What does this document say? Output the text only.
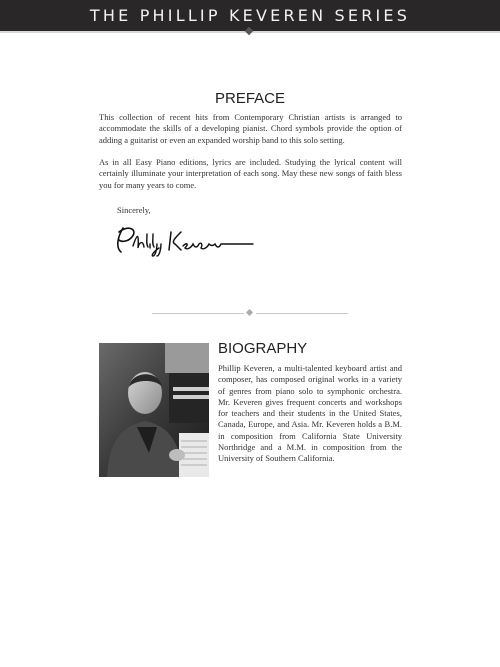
THE PHILLIP KEVEREN SERIES
PREFACE

This collection of recent hits from Contemporary Christian artists is arranged to accommodate the skills of a developing pianist. Chord symbols provide the option of adding a guitarist or even an expanded worship band to this solo setting.

As in all Easy Piano editions, lyrics are included. Studying the lyrical content will certainly illuminate your interpretation of each song. May these new songs of faith bless you for many years to come.

Sincerely,
BIOGRAPHY

Phillip Keveren, a multi-talented keyboard artist and composer, has composed original works in a variety of genres from piano solo to symphonic orchestra. Mr. Keveren gives frequent concerts and workshops for teachers and their students in the United States, Canada, Europe, and Asia. Mr. Keveren holds a B.M. in composition from California State University Northridge and a M.M. in composition from the University of Southern California.
